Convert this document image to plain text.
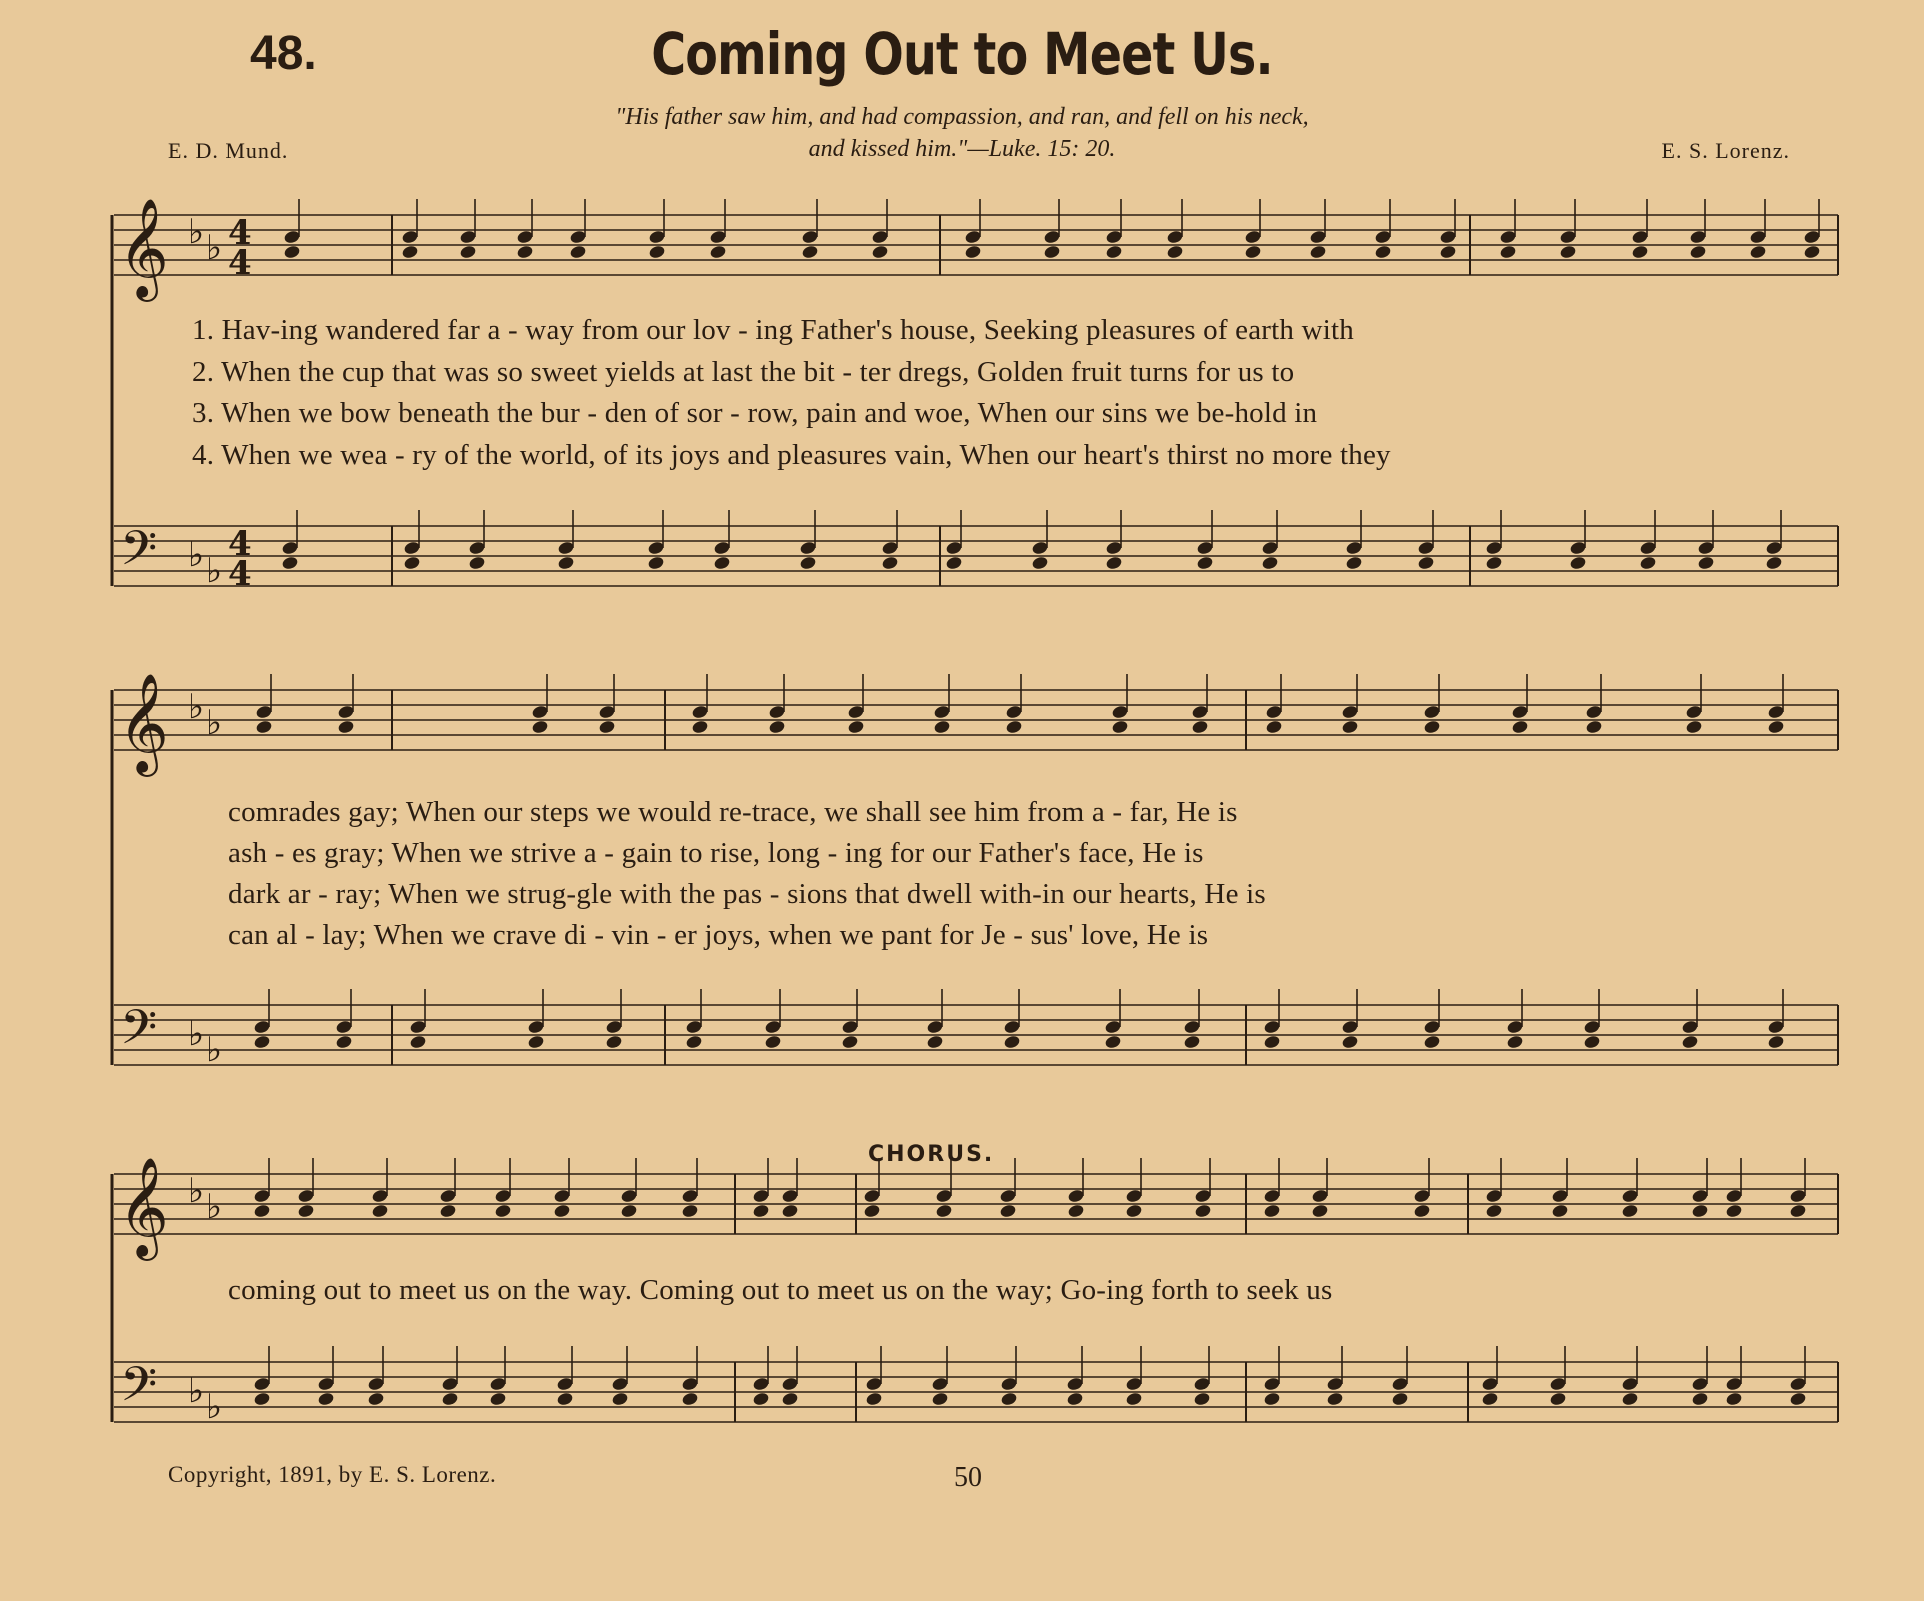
48.	Coming Out to Meet Us.
"His father saw him, and had compassion, and ran, and fell on his neck,
and kissed him."—Luke. 15: 20.
E. D. Mund.	E. S. Lorenz.
𝄞
𝄢
♭ ♭
♭ ♭
4
4
4
4
𝄞
𝄢
♭ ♭
♭ ♭
𝄞
𝄢
♭ ♭
♭ ♭
1. Hav-ing wandered far a - way from our lov - ing Father's house, Seeking pleasures of earth with
2. When the cup that was so sweet yields at last the bit - ter dregs, Golden fruit turns for us to
3. When we bow beneath the bur - den of sor - row, pain and woe, When our sins we be-hold in
4. When we wea - ry of the world, of its joys and pleasures vain, When our heart's thirst no more they
comrades gay; When our steps we would re-trace, we shall see him from a - far, He is
ash - es gray; When we strive a - gain to rise, long - ing for our Father's face, He is
dark ar - ray; When we strug-gle with the pas - sions that dwell with-in our hearts, He is
can al - lay; When we crave di - vin - er joys, when we pant for Je - sus' love, He is
CHORUS.
coming out to meet us on the way. Coming out to meet us on the way; Go-ing forth to seek us
Copyright, 1891, by E. S. Lorenz.	50
